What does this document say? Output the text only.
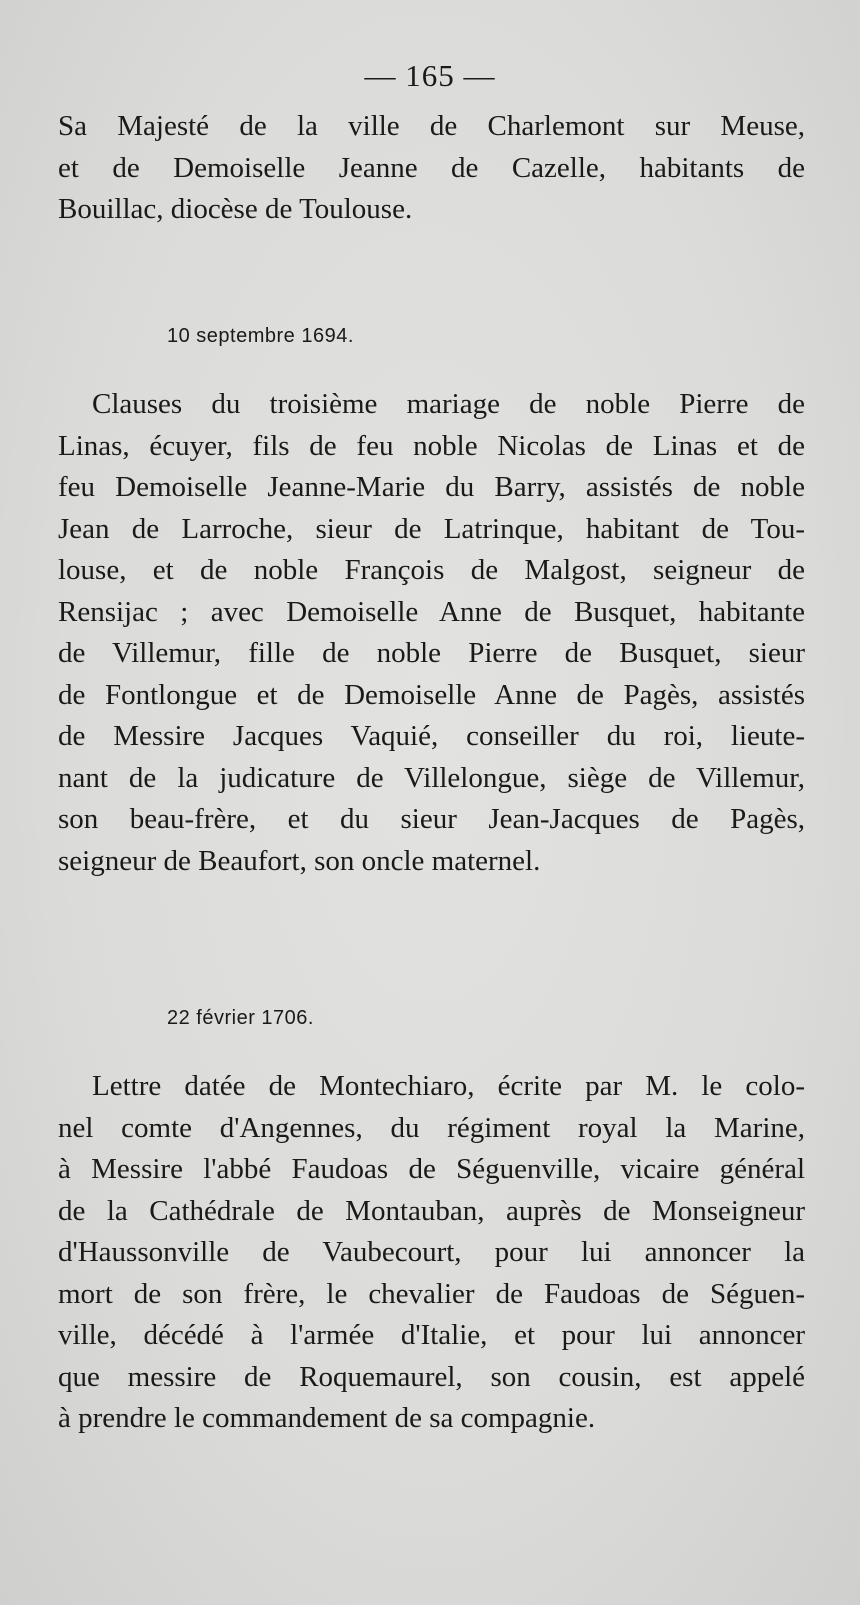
— 165 —

Sa Majesté de la ville de Charlemont sur Meuse,
et de Demoiselle Jeanne de Cazelle, habitants de
Bouillac, diocèse de Toulouse.

10 septembre 1694.

Clauses du troisième mariage de noble Pierre de
Linas, écuyer, fils de feu noble Nicolas de Linas et de
feu Demoiselle Jeanne-Marie du Barry, assistés de noble
Jean de Larroche, sieur de Latrinque, habitant de Tou-
louse, et de noble François de Malgost, seigneur de
Rensijac ; avec Demoiselle Anne de Busquet, habitante
de Villemur, fille de noble Pierre de Busquet, sieur
de Fontlongue et de Demoiselle Anne de Pagès, assistés
de Messire Jacques Vaquié, conseiller du roi, lieute-
nant de la judicature de Villelongue, siège de Villemur,
son beau-frère, et du sieur Jean-Jacques de Pagès,
seigneur de Beaufort, son oncle maternel.

22 février 1706.

Lettre datée de Montechiaro, écrite par M. le colo-
nel comte d'Angennes, du régiment royal la Marine,
à Messire l'abbé Faudoas de Séguenville, vicaire général
de la Cathédrale de Montauban, auprès de Monseigneur
d'Haussonville de Vaubecourt, pour lui annoncer la
mort de son frère, le chevalier de Faudoas de Séguen-
ville, décédé à l'armée d'Italie, et pour lui annoncer
que messire de Roquemaurel, son cousin, est appelé
à prendre le commandement de sa compagnie.
